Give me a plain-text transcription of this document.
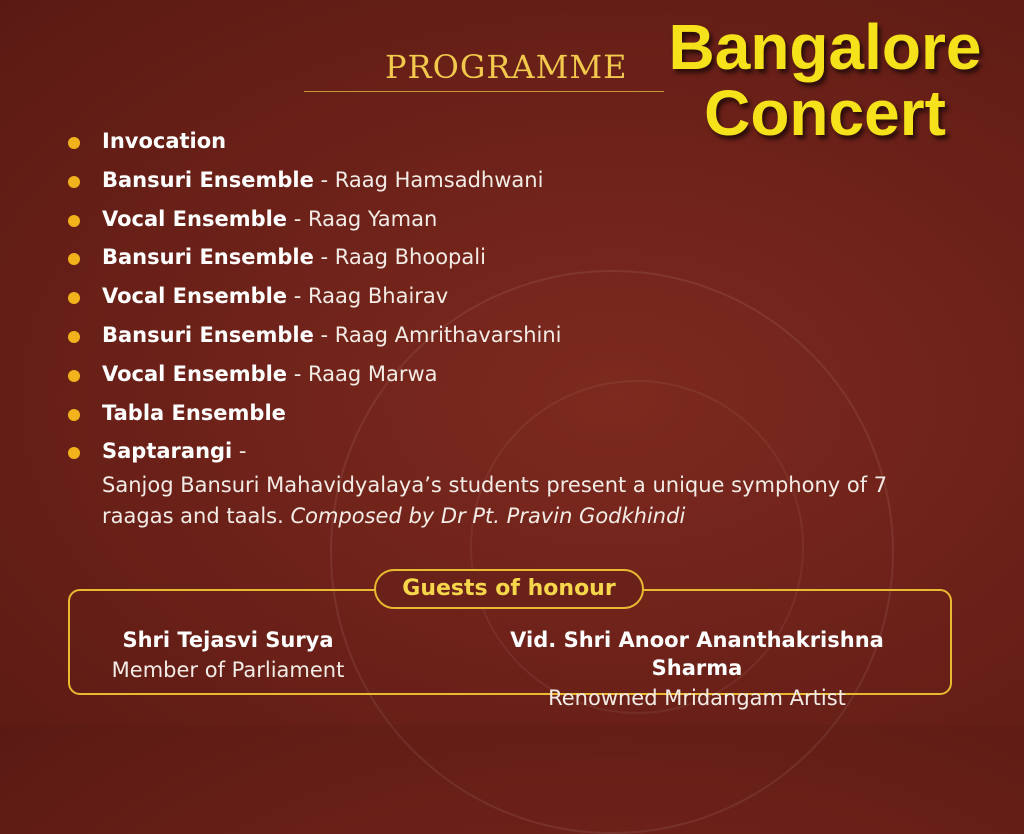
PROGRAMME Bangalore
Concert
Invocation
Bansuri Ensemble - Raag Hamsadhwani
Vocal Ensemble - Raag Yaman
Bansuri Ensemble - Raag Bhoopali
Vocal Ensemble - Raag Bhairav
Bansuri Ensemble - Raag Amrithavarshini
Vocal Ensemble - Raag Marwa
Tabla Ensemble
Saptarangi -
Sanjog Bansuri Mahavidyalaya’s students present a unique symphony of 7 raagas and taals. Composed by Dr Pt. Pravin Godkhindi
Guests of honour
Shri Tejasvi Surya
Member of Parliament
Vid. Shri Anoor Ananthakrishna Sharma
Renowned Mridangam Artist
